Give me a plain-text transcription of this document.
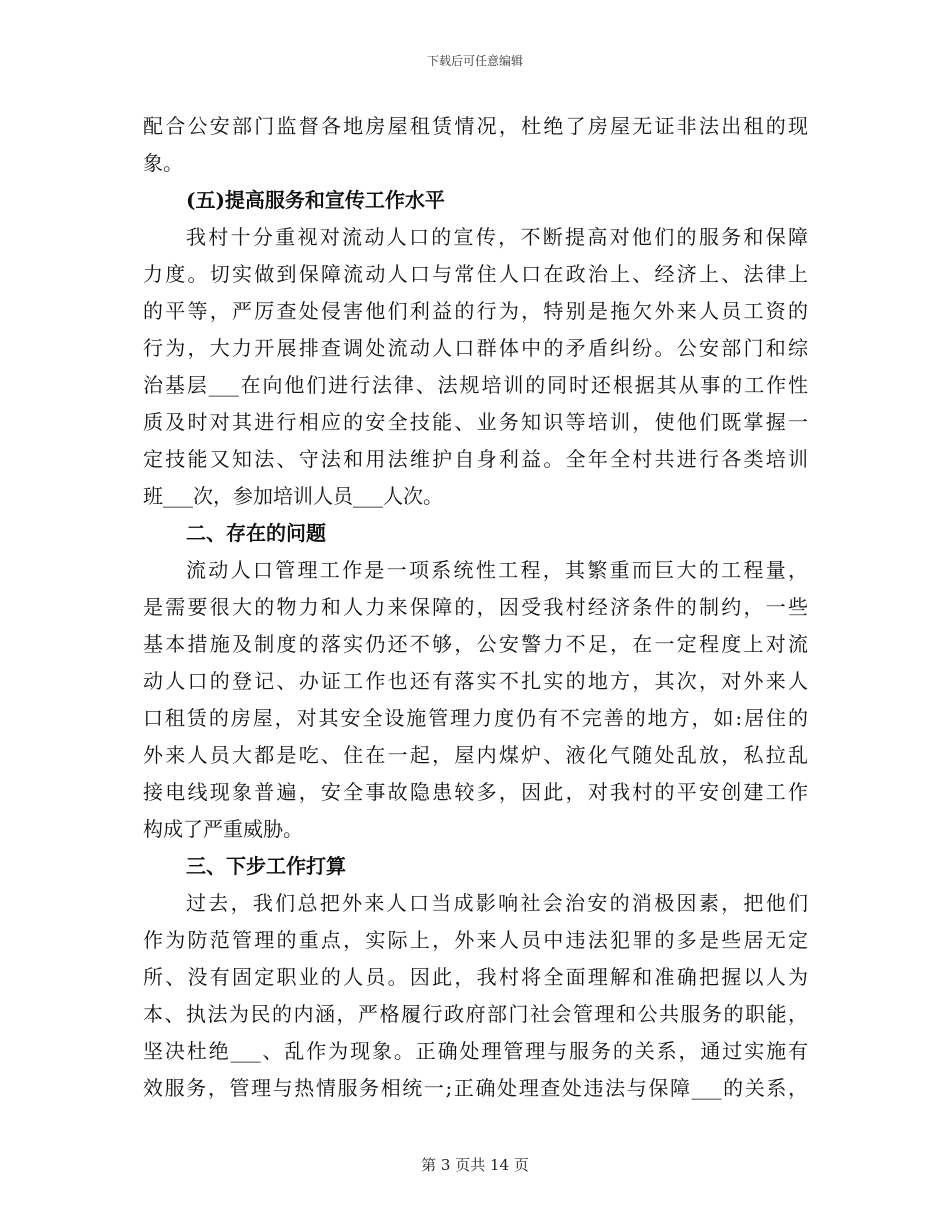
下载后可任意编辑
配合公安部门监督各地房屋租赁情况，杜绝了房屋无证非法出租的现
象。
(五)提高服务和宣传工作水平
我村十分重视对流动人口的宣传，不断提高对他们的服务和保障
力度。切实做到保障流动人口与常住人口在政治上、经济上、法律上
的平等，严厉查处侵害他们利益的行为，特别是拖欠外来人员工资的
行为，大力开展排查调处流动人口群体中的矛盾纠纷。公安部门和综
治基层___在向他们进行法律、法规培训的同时还根据其从事的工作性
质及时对其进行相应的安全技能、业务知识等培训，使他们既掌握一
定技能又知法、守法和用法维护自身利益。全年全村共进行各类培训
班___次，参加培训人员___人次。
二、存在的问题
流动人口管理工作是一项系统性工程，其繁重而巨大的工程量，
是需要很大的物力和人力来保障的，因受我村经济条件的制约，一些
基本措施及制度的落实仍还不够，公安警力不足，在一定程度上对流
动人口的登记、办证工作也还有落实不扎实的地方，其次，对外来人
口租赁的房屋，对其安全设施管理力度仍有不完善的地方，如:居住的
外来人员大都是吃、住在一起，屋内煤炉、液化气随处乱放，私拉乱
接电线现象普遍，安全事故隐患较多，因此，对我村的平安创建工作
构成了严重威胁。
三、下步工作打算
过去，我们总把外来人口当成影响社会治安的消极因素，把他们
作为防范管理的重点，实际上，外来人员中违法犯罪的多是些居无定
所、没有固定职业的人员。因此，我村将全面理解和准确把握以人为
本、执法为民的内涵，严格履行政府部门社会管理和公共服务的职能，
坚决杜绝___、乱作为现象。正确处理管理与服务的关系，通过实施有
效服务，管理与热情服务相统一;正确处理查处违法与保障___的关系，
第 3 页共 14 页
